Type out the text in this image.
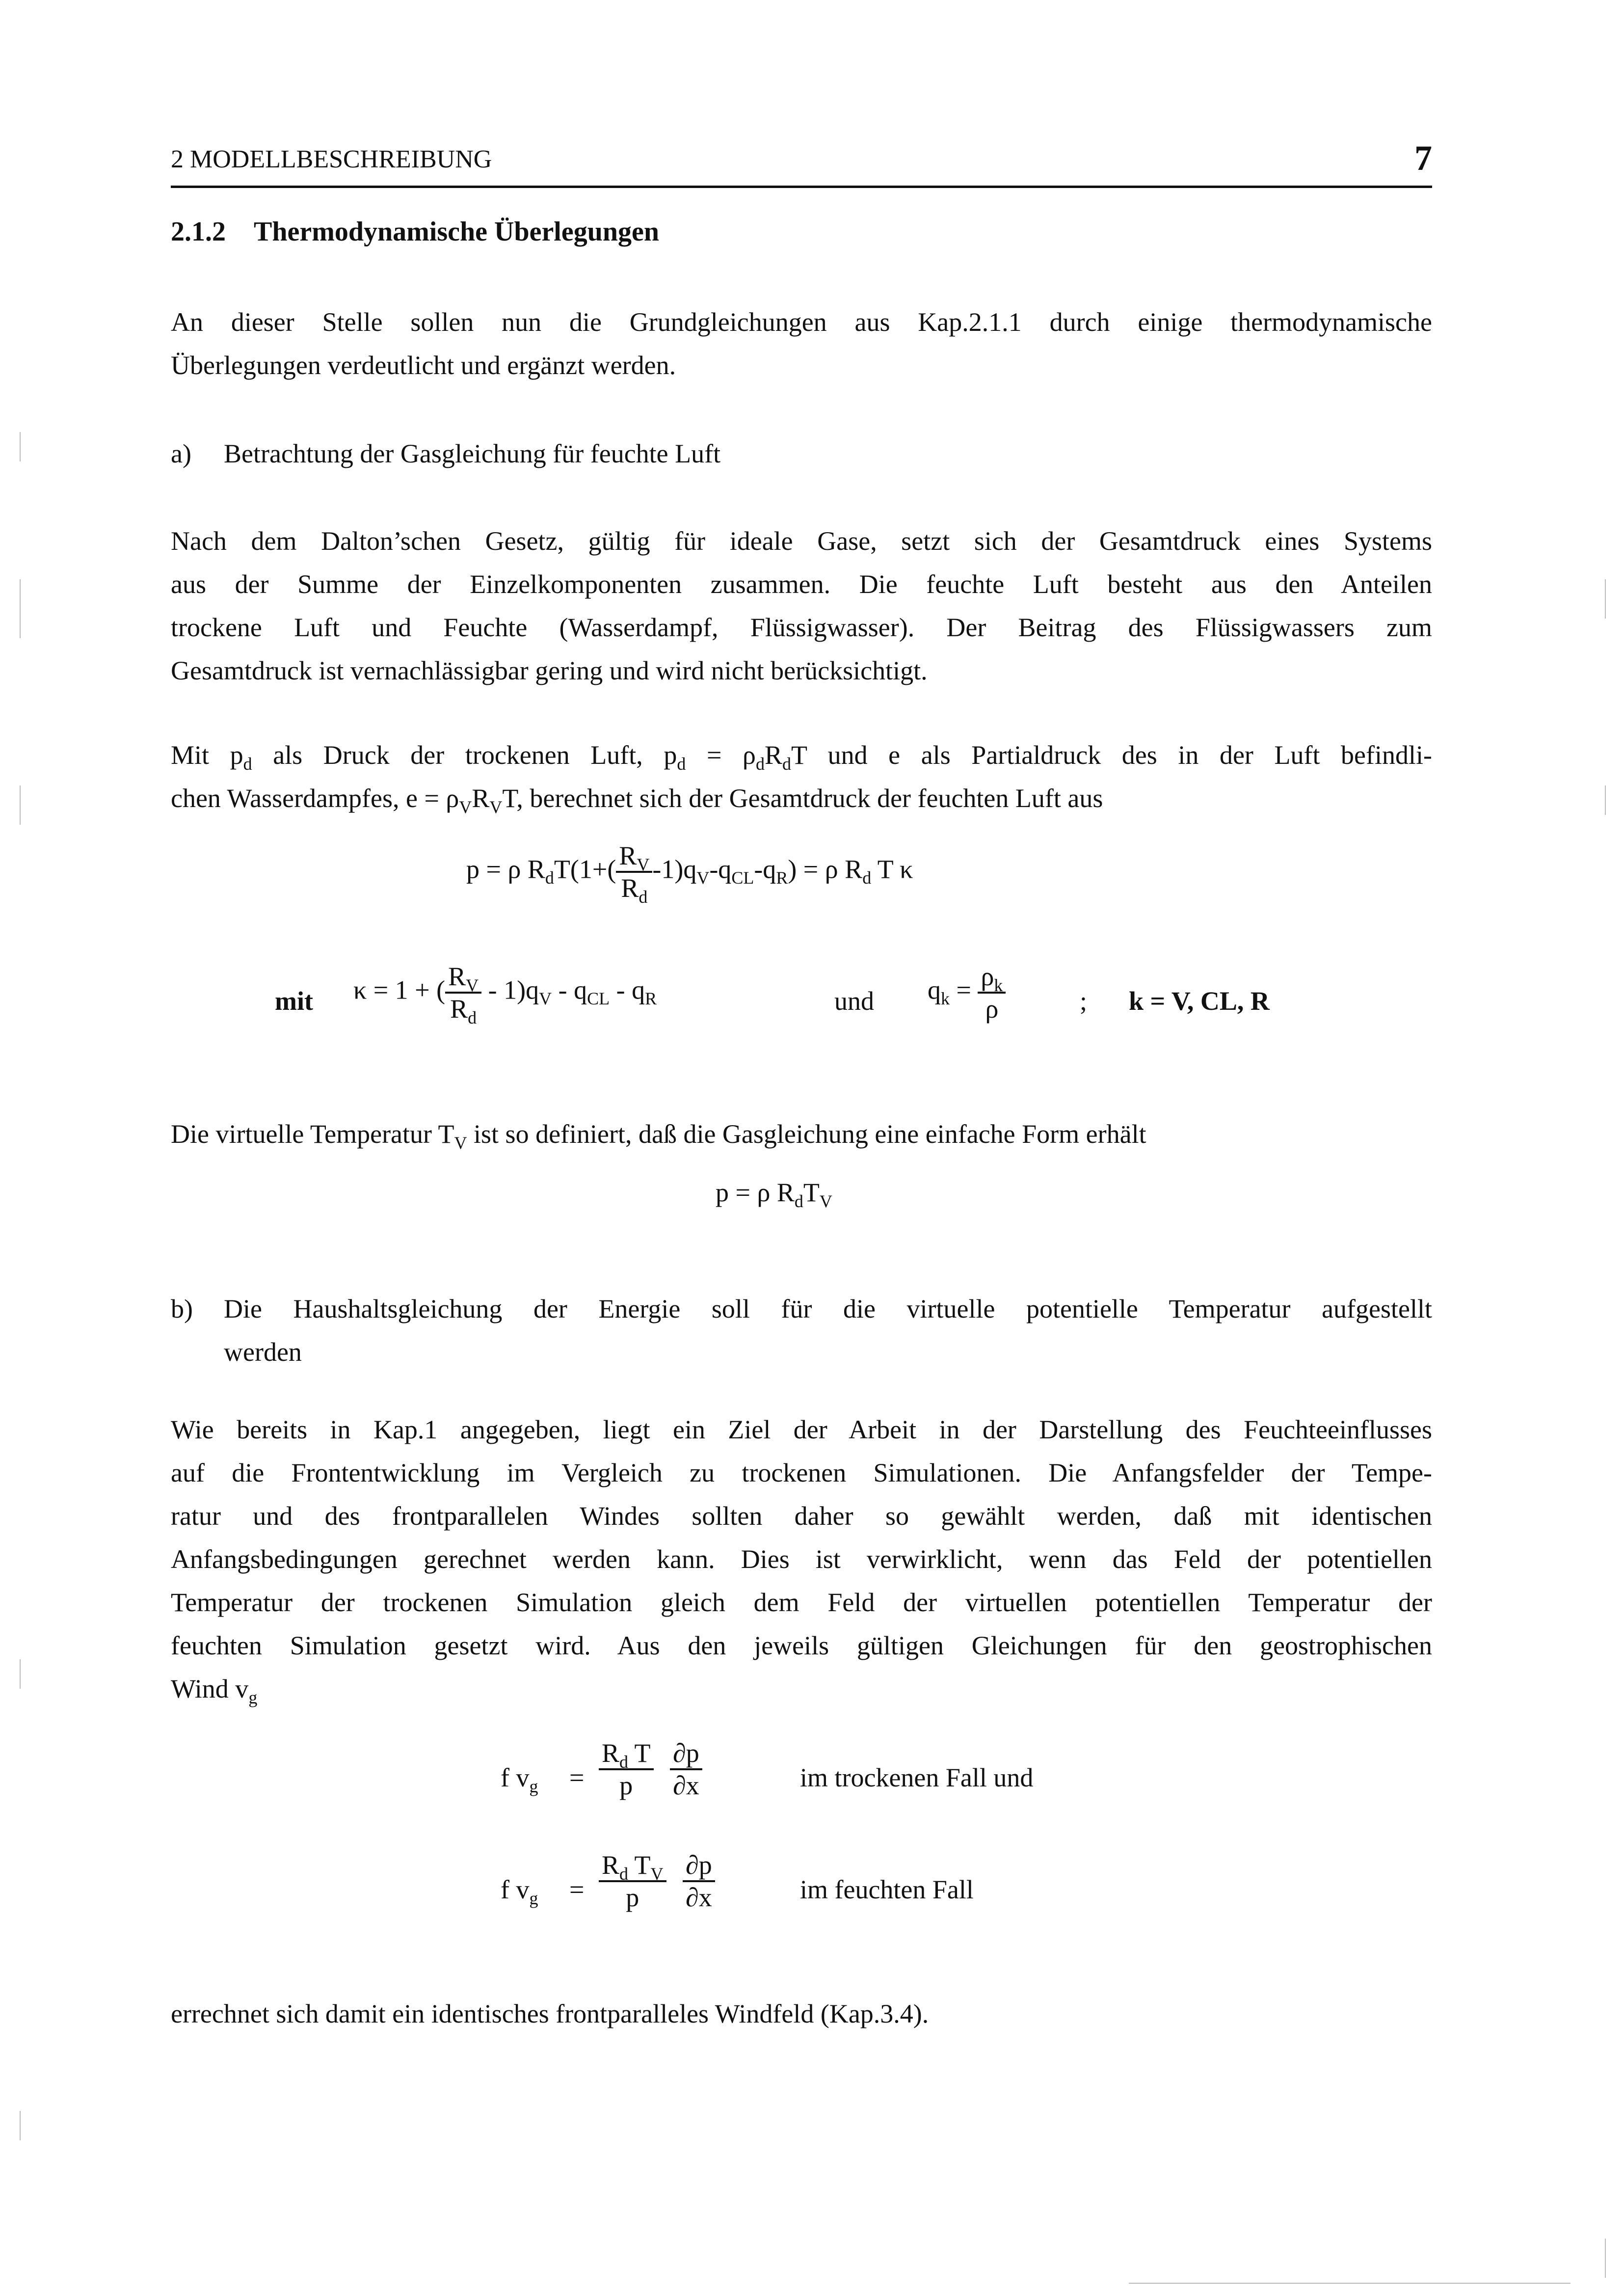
2 MODELLBESCHREIBUNG	7
2.1.2 Thermodynamische Überlegungen
An dieser Stelle sollen nun die Grundgleichungen aus Kap.2.1.1 durch einige thermodynamische
Überlegungen verdeutlicht und ergänzt werden.
a) Betrachtung der Gasgleichung für feuchte Luft
Nach dem Dalton’schen Gesetz, gültig für ideale Gase, setzt sich der Gesamtdruck eines Systems
aus der Summe der Einzelkomponenten zusammen. Die feuchte Luft besteht aus den Anteilen
trockene Luft und Feuchte (Wasserdampf, Flüssigwasser). Der Beitrag des Flüssigwassers zum
Gesamtdruck ist vernachlässigbar gering und wird nicht berücksichtigt.
Mit $p_d$ als Druck der trockenen Luft, $p_d = \rho_dR_dT$ und e als Partialdruck des in der Luft befindli-
chen Wasserdampfes, $e = \rho_VR_VT$, berechnet sich der Gesamtdruck der feuchten Luft aus
p = ρ $R_dT(1+( \frac{R_V}{R_d} -1)q_V-q_{CL}-q_R) = \rho$ $R_d$ T κ
mit κ = 1 + ( $\frac{R_V}{R_d} - 1)q_V - q_{CL} - q_R$	und $q_k = \frac{\rho_k}{\rho}$	; k = V, CL, R
Die virtuelle Temperatur $T_V$ ist so definiert, daß die Gasgleichung eine einfache Form erhält
p = ρ $R_dT_V$
b) Die Haushaltsgleichung der Energie soll für die virtuelle potentielle Temperatur aufgestellt
werden
Wie bereits in Kap.1 angegeben, liegt ein Ziel der Arbeit in der Darstellung des Feuchteeinflusses
auf die Frontentwicklung im Vergleich zu trockenen Simulationen. Die Anfangsfelder der Tempe-
ratur und des frontparallelen Windes sollten daher so gewählt werden, daß mit identischen
Anfangsbedingungen gerechnet werden kann. Dies ist verwirklicht, wenn das Feld der potentiellen
Temperatur der trockenen Simulation gleich dem Feld der virtuellen potentiellen Temperatur der
feuchten Simulation gesetzt wird. Aus den jeweils gültigen Gleichungen für den geostrophischen
Wind $v_g$
f $v_g = \frac{R_d T}{p}$
$\frac{\partial p}{\partial x}$	im trockenen Fall und
f $v_g = \frac{R_d T_V}{p}$
$\frac{\partial p}{\partial x}$	im feuchten Fall
errechnet sich damit ein identisches frontparalleles Windfeld (Kap.3.4).
